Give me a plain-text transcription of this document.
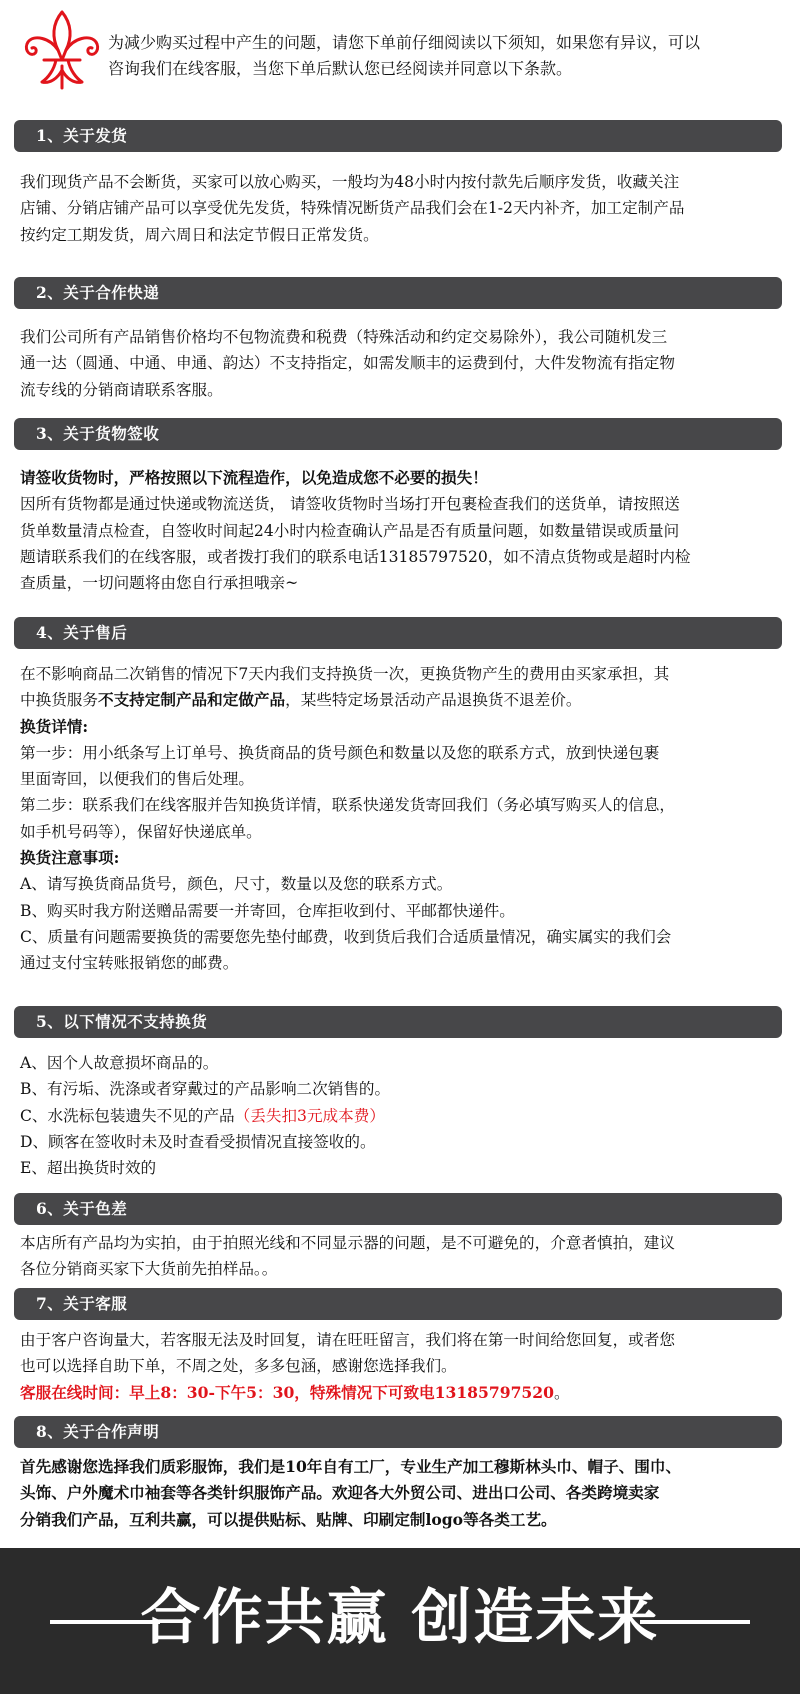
为减少购买过程中产生的问题，请您下单前仔细阅读以下须知，如果您有异议，可以
咨询我们在线客服，当您下单后默认您已经阅读并同意以下条款。
1、关于发货
我们现货产品不会断货，买家可以放心购买，一般均为48小时内按付款先后顺序发货，收藏关注
店铺、分销店铺产品可以享受优先发货，特殊情况断货产品我们会在1-2天内补齐，加工定制产品
按约定工期发货，周六周日和法定节假日正常发货。
2、关于合作快递
我们公司所有产品销售价格均不包物流费和税费（特殊活动和约定交易除外），我公司随机发三
通一达（圆通、中通、申通、韵达）不支持指定，如需发顺丰的运费到付，大件发物流有指定物
流专线的分销商请联系客服。
3、关于货物签收
请签收货物时，严格按照以下流程造作，以免造成您不必要的损失！
因所有货物都是通过快递或物流送货， 请签收货物时当场打开包裹检查我们的送货单，请按照送
货单数量清点检查，自签收时间起24小时内检查确认产品是否有质量问题，如数量错误或质量问
题请联系我们的在线客服，或者拨打我们的联系电话13185797520，如不清点货物或是超时内检
查质量，一切问题将由您自行承担哦亲~
4、关于售后
在不影响商品二次销售的情况下7天内我们支持换货一次，更换货物产生的费用由买家承担，其
中换货服务不支持定制产品和定做产品，某些特定场景活动产品退换货不退差价。
换货详情:
第一步：用小纸条写上订单号、换货商品的货号颜色和数量以及您的联系方式，放到快递包裹
里面寄回，以便我们的售后处理。
第二步：联系我们在线客服并告知换货详情，联系快递发货寄回我们（务必填写购买人的信息，
如手机号码等），保留好快递底单。
换货注意事项:
A、请写换货商品货号，颜色，尺寸，数量以及您的联系方式。
B、购买时我方附送赠品需要一并寄回，仓库拒收到付、平邮都快递件。
C、质量有问题需要换货的需要您先垫付邮费，收到货后我们合适质量情况，确实属实的我们会
通过支付宝转账报销您的邮费。
5、以下情况不支持换货
A、因个人故意损坏商品的。
B、有污垢、洗涤或者穿戴过的产品影响二次销售的。
C、水洗标包装遗失不见的产品（丢失扣3元成本费）
D、顾客在签收时未及时查看受损情况直接签收的。
E、超出换货时效的
6、关于色差
本店所有产品均为实拍，由于拍照光线和不同显示器的问题，是不可避免的，介意者慎拍，建议
各位分销商买家下大货前先拍样品。。
7、关于客服
由于客户咨询量大，若客服无法及时回复，请在旺旺留言，我们将在第一时间给您回复，或者您
也可以选择自助下单，不周之处，多多包涵，感谢您选择我们。
客服在线时间：早上8：30-下午5：30，特殊情况下可致电13185797520。
8、关于合作声明
首先感谢您选择我们质彩服饰，我们是10年自有工厂，专业生产加工穆斯林头巾、帽子、围巾、
头饰、户外魔术巾袖套等各类针织服饰产品。欢迎各大外贸公司、进出口公司、各类跨境卖家
分销我们产品，互利共赢，可以提供贴标、贴牌、印刷定制logo等各类工艺。
合作共赢 创造未来
